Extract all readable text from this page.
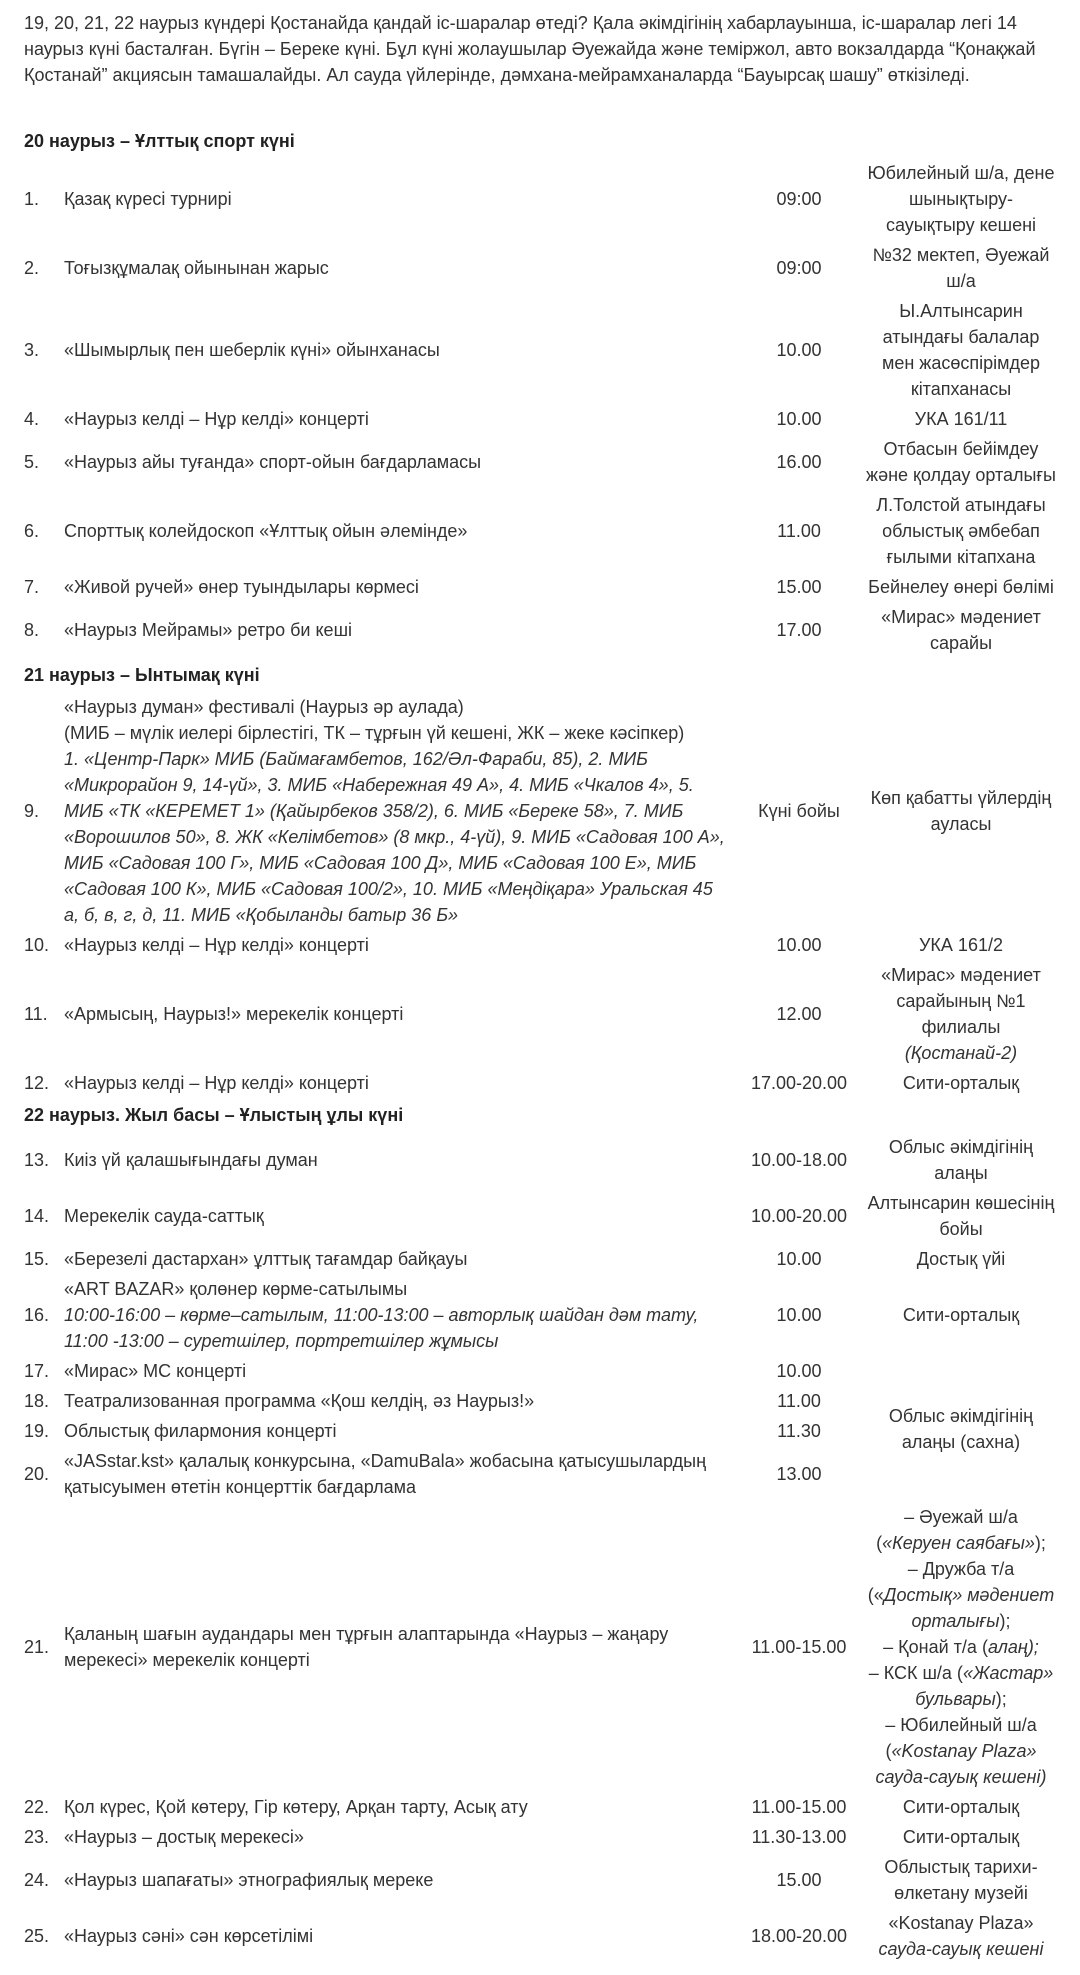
19, 20, 21, 22 наурыз күндері Қостанайда қандай іс-шаралар өтеді? Қала әкімдігінің хабарлауынша, іс-шаралар легі 14 наурыз күні басталған. Бүгін – Береке күні. Бұл күні жолаушылар Әуежайда және теміржол, авто вокзалдарда “Қонақжай Қостанай” акциясын тамашалайды. Ал сауда үйлерінде, дәмхана-мейрамханаларда “Бауырсақ шашу” өткізіледі.

20 наурыз – Ұлттық спорт күні			
1.	Қазақ күресі турнирі	09:00	Юбилейный ш/а, дене шынықтыру-сауықтыру кешені
2.	Тоғызқұмалақ ойынынан жарыс	09:00	№32 мектеп, Әуежай ш/а
3.	«Шымырлық пен шеберлік күні» ойынханасы	10.00	Ы.Алтынсарин атындағы балалар мен жасөспірімдер кітапханасы
4.	«Наурыз келді – Нұр келді» концерті	10.00	УКА 161/11
5.	«Наурыз айы туғанда» спорт-ойын бағдарламасы	16.00	Отбасын бейімдеу және қолдау орталығы
6.	Спорттық колейдоскоп «Ұлттық ойын әлемінде»	11.00	Л.Толстой атындағы облыстық әмбебап ғылыми кітапхана
7.	«Живой ручей» өнер туындылары көрмесі	15.00	Бейнелеу өнері бөлімі
8.	«Наурыз Мейрамы» ретро би кеші	17.00	«Мирас» мәдениет сарайы
21 наурыз – Ынтымақ күні			
9.	«Наурыз думан» фестивалі (Наурыз әр аулада)
(МИБ – мүлік иелері бірлестігі, ТК – тұрғын үй кешені, ЖК – жеке кәсіпкер)
1. «Центр-Парк» МИБ (Баймағамбетов, 162/Әл-Фараби, 85), 2. МИБ «Микрорайон 9, 14-үй», 3. МИБ «Набережная 49 А», 4. МИБ «Чкалов 4», 5. МИБ «ТК «КЕРЕМЕТ 1» (Қайырбеков 358/2), 6. МИБ «Береке 58», 7. МИБ «Ворошилов 50», 8. ЖК «Келімбетов» (8 мкр., 4-үй), 9. МИБ «Садовая 100 А», МИБ «Садовая 100 Г», МИБ «Садовая 100 Д», МИБ «Садовая 100 Е», МИБ «Садовая 100 К», МИБ «Садовая 100/2», 10. МИБ «Меңдіқара» Уральская 45 а, б, в, г, д, 11. МИБ «Қобыланды батыр 36 Б»	Күні бойы	Көп қабатты үйлердің ауласы
10.	«Наурыз келді – Нұр келді» концерті	10.00	УКА 161/2
11.	«Армысың, Наурыз!» мерекелік концерті	12.00	«Мирас» мәдениет сарайының №1 филиалы
(Қостанай-2)

12.	«Наурыз келді – Нұр келді» концерті	17.00-20.00	Сити-орталық
22 наурыз. Жыл басы – Ұлыстың ұлы күні			
13.	Киіз үй қалашығындағы думан	10.00-18.00	Облыс әкімдігінің алаңы
14.	Мерекелік сауда-саттық	10.00-20.00	Алтынсарин көшесінің бойы
15.	«Березелі дастархан» ұлттық тағамдар байқауы	10.00	Достық үйі
16.	«ART BAZAR» қолөнер көрме-сатылымы
10:00-16:00 – көрме–сатылым, 11:00-13:00 – авторлық шайдан дәм тату, 11:00 -13:00 – суретшілер, портретшілер жұмысы	10.00	Сити-орталық
17.	«Мирас» МС концерті	10.00	Облыс әкімдігінің алаңы (сахна)
18.	Театрализованная программа «Қош келдің, әз Наурыз!»	11.00	
19.	Облыстық филармония концерті	11.30	
20.	«JASstar.kst» қалалық конкурсына, «DamuBala» жобасына қатысушылардың қатысуымен өтетін концерттік бағдарлама	13.00	
21.	Қаланың шағын аудандары мен тұрғын алаптарында «Наурыз – жаңару мерекесі» мерекелік концерті	11.00-15.00	– Әуежай ш/а («Керуен саябағы»);
– Дружба т/а («Достық» мәдениет орталығы);
– Қонай т/а (алаң);
– КСК ш/а («Жастар» бульвары);
– Юбилейный ш/а («Kostanay Plaza» сауда-сауық кешені)

22.	Қол күрес, Қой көтеру, Гір көтеру, Арқан тарту, Асық ату	11.00-15.00	Сити-орталық
23.	«Наурыз – достық мерекесі»	11.30-13.00	Сити-орталық
24.	«Наурыз шапағаты» этнографиялық мереке	15.00	Облыстық тарихи-өлкетану музейі
25.	«Наурыз сәні» сән көрсетілімі	18.00-20.00	«Kostanay Plaza» сауда-сауық кешені
